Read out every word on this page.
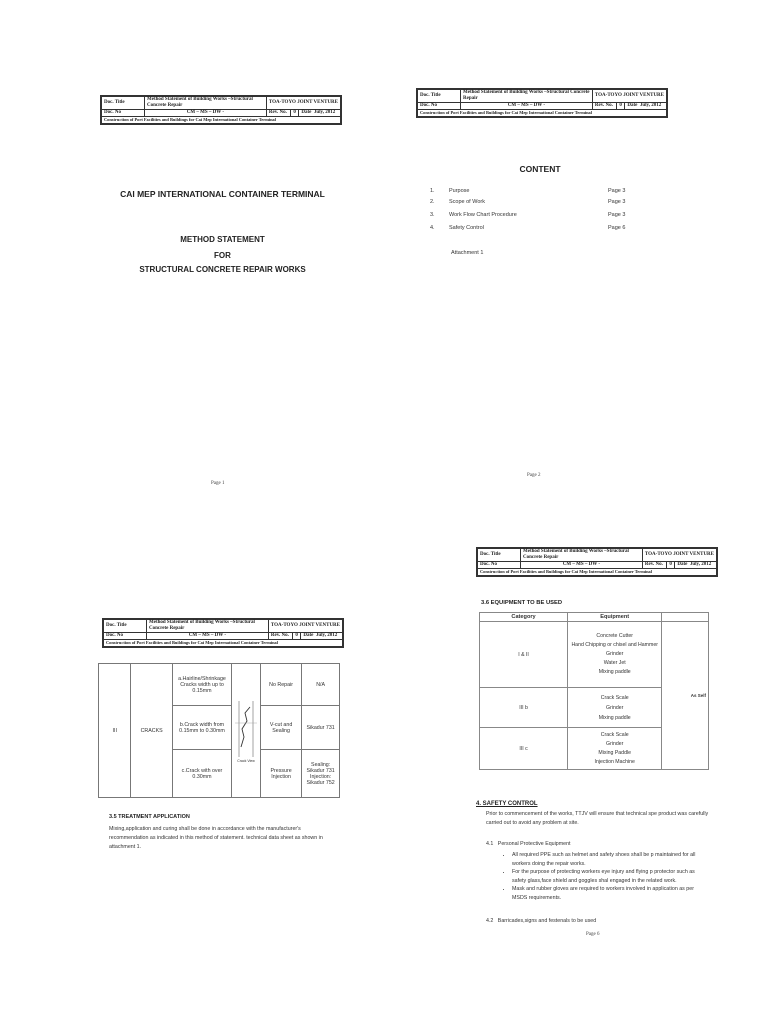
Doc. Title	Method Statement of Building Works –Structural Concrete Repair	TOA-TOYO JOINT VENTURE		
Doc. No	CM – MS – DW -	Rev. No.	0	Date July, 2012
Construction of Port Facilities and Buildings for Cai Mep International Container Terminal				
CAI MEP INTERNATIONAL CONTAINER TERMINAL
METHOD STATEMENT
FOR
STRUCTURAL CONCRETE REPAIR WORKS
Page 1
Doc. Title	Method Statement of Building Works –Structural Concrete Repair	TOA-TOYO JOINT VENTURE		
Doc. No	CM – MS – DW -	Rev. No.	0	Date July, 2012
Construction of Port Facilities and Buildings for Cai Mep International Container Terminal				
CONTENT
1.	Purpose	Page 3
2.	Scope of Work	Page 3
3.	Work Flow Chart Procedure	Page 3
4.	Safety Control	Page 6
Attachment 1
Page 2
Doc. Title	Method Statement of Building Works –Structural Concrete Repair	TOA-TOYO JOINT VENTURE		
Doc. No	CM – MS – DW -	Rev. No.	0	Date July, 2012
Construction of Port Facilities and Buildings for Cai Mep International Container Terminal				
III	CRACKS	a.Hairline/Shrinkage Cracks width up to 0.15mm	Crack View	No Repair	N/A
		b.Crack width from 0.15mm to 0.30mm		V-cut and Sealing	Sikadur 731
		c.Crack with over 0.30mm		Pressure Injection	Sealing: Sikadur 731 Injection: Sikadur 752
3.5 TREATMENT APPLICATION
Mixing,application and curing shall be done in accordance with the manufacturer's recommendation as indicated in this method of statement. technical data sheet as shown in attachment 1.
Doc. Title	Method Statement of Building Works –Structural Concrete Repair	TOA-TOYO JOINT VENTURE		
Doc. No	CM – MS – DW -	Rev. No.	0	Date July, 2012
Construction of Port Facilities and Buildings for Cai Mep International Container Terminal				
3.6 EQUIPMENT TO BE USED
Category	Equipment	
I & II	Concrete Cutter
Hand Chipping or chisel and Hammer
Grinder
Water Jet
Mixing paddle	As Self
III b	Crack Scale
Grinder
Mixing paddle	

III c	Crack Scale
Grinder
Mixing Paddle
Injection Machine	
4. SAFETY CONTROL
Prior to commencement of the works, TTJV will ensure that technical spe product was carefully carried out to avoid any problem at site.
4.1 Personal Protective Equipment
• All required PPE such as helmet and safety shoes shall be p maintained for all workers doing the repair works.
• For the purpose of protecting workers eye injury and flying p protector such as safety glass,face shield and goggles shal engaged in the related work.
• Mask and rubber gloves are required to workers involved in application as per MSDS requirements.
4.2 Barricades,signs and festenals to be used
Page 6
